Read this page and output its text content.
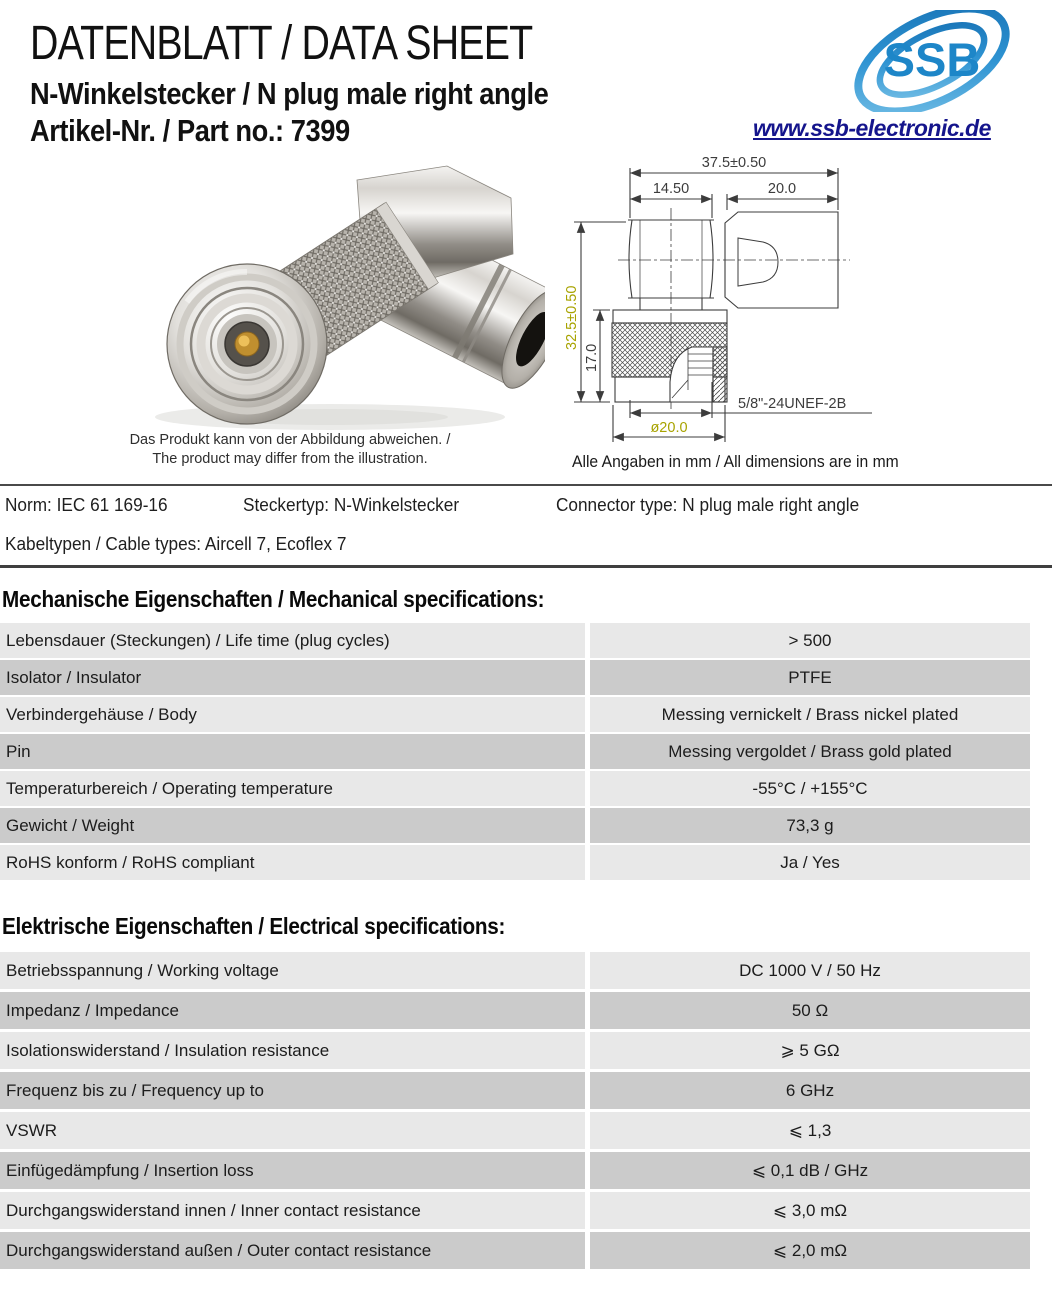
DATENBLATT / DATA SHEET
N-Winkelstecker / N plug male right angle
Artikel-Nr. / Part no.: 7399
SSB
www.ssb-electronic.de
Das Produkt kann von der Abbildung abweichen. /
The product may differ from the illustration.
37.5±0.50
14.50	20.0
32.5±0.50
17.0
5/8"-24UNEF-2B
ø20.0
Alle Angaben in mm / All dimensions are in mm
Norm: IEC 61 169-16	Steckertyp: N-Winkelstecker	Connector type: N plug male right angle
Kabeltypen / Cable types: Aircell 7, Ecoflex 7
Mechanische Eigenschaften / Mechanical specifications:
Lebensdauer (Steckungen) / Life time (plug cycles)	> 500
Isolator / Insulator	PTFE
Verbindergehäuse / Body	Messing vernickelt / Brass nickel plated
Pin	Messing vergoldet / Brass gold plated
Temperaturbereich / Operating temperature	-55°C / +155°C
Gewicht / Weight	73,3 g
RoHS konform / RoHS compliant	Ja / Yes
Elektrische Eigenschaften / Electrical specifications:
Betriebsspannung / Working voltage	DC 1000 V / 50 Hz
Impedanz / Impedance	50 Ω
Isolationswiderstand / Insulation resistance	⩾ 5 GΩ
Frequenz bis zu / Frequency up to	6 GHz
VSWR	⩽ 1,3
Einfügedämpfung / Insertion loss	⩽ 0,1 dB / GHz
Durchgangswiderstand innen / Inner contact resistance	⩽ 3,0 mΩ
Durchgangswiderstand außen / Outer contact resistance	⩽ 2,0 mΩ
